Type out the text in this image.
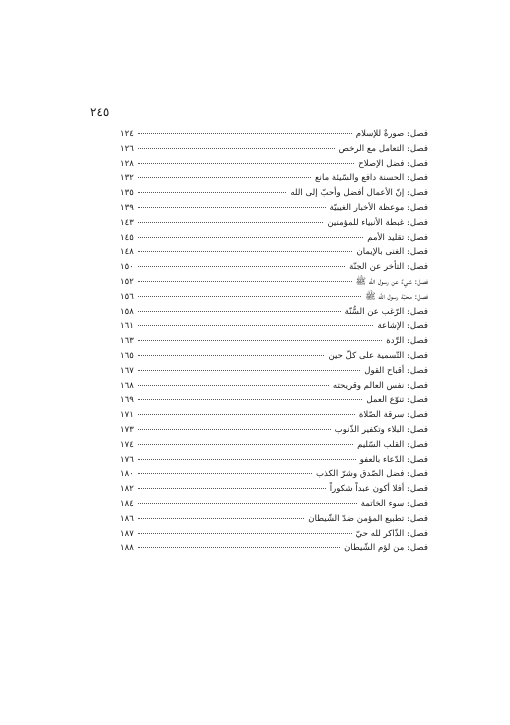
٢٤٥
فصل: صورةٌ للإسلام
١٢٤
فصل: التعامل مع الرخص
١٢٦
فصل: فضل الإصلاح
١٢٨
فصل: الحسنة دافع والسّيئة مانع
١٣٢
فصل: إنّ الأعمال أفضل وأحبّ إلى الله
١٣٥
فصل: موعظة الأخبار الغيبيّة
١٣٩
فصل: غبطة الأنبياء للمؤمنين
١٤٣
فصل: تقليد الأمم
١٤٥
فصل: الغنى بالإيمان
١٤٨
فصل: التأخر عن الجنّة
١٥٠
فصل: شيءٌ عن رسول الله ﷺ
١٥٢
فصل: محبّة رسول الله ﷺ
١٥٦
فصل: الرّغب عن السُّنّة
١٥٨
فصل: الإشاعة
١٦١
فصل: الرِّدة
١٦٣
فصل: التّسمية على كلّ حين
١٦٥
فصل: أقباح القول
١٦٧
فصل: نفس العالم وقريحته
١٦٨
فصل: تنوّع العمل
١٦٩
فصل: سرقة الصّلاة
١٧١
فصل: البلاء وتكفير الذّنوب
١٧٣
فصل: القلب السّليم
١٧٤
فصل: الدّعاء بالعفو
١٧٦
فصل: فضل الصّدق وشرّ الكذب
١٨٠
فصل: أفلا أكون عبداً شكوراً
١٨٢
فصل: سوء الخاتمة
١٨٤
فصل: تطبيع المؤمن ضدّ الشّيطان
١٨٦
فصل: الذّاكر لله حيّ
١٨٧
فصل: من لؤم الشّيطان
١٨٨
